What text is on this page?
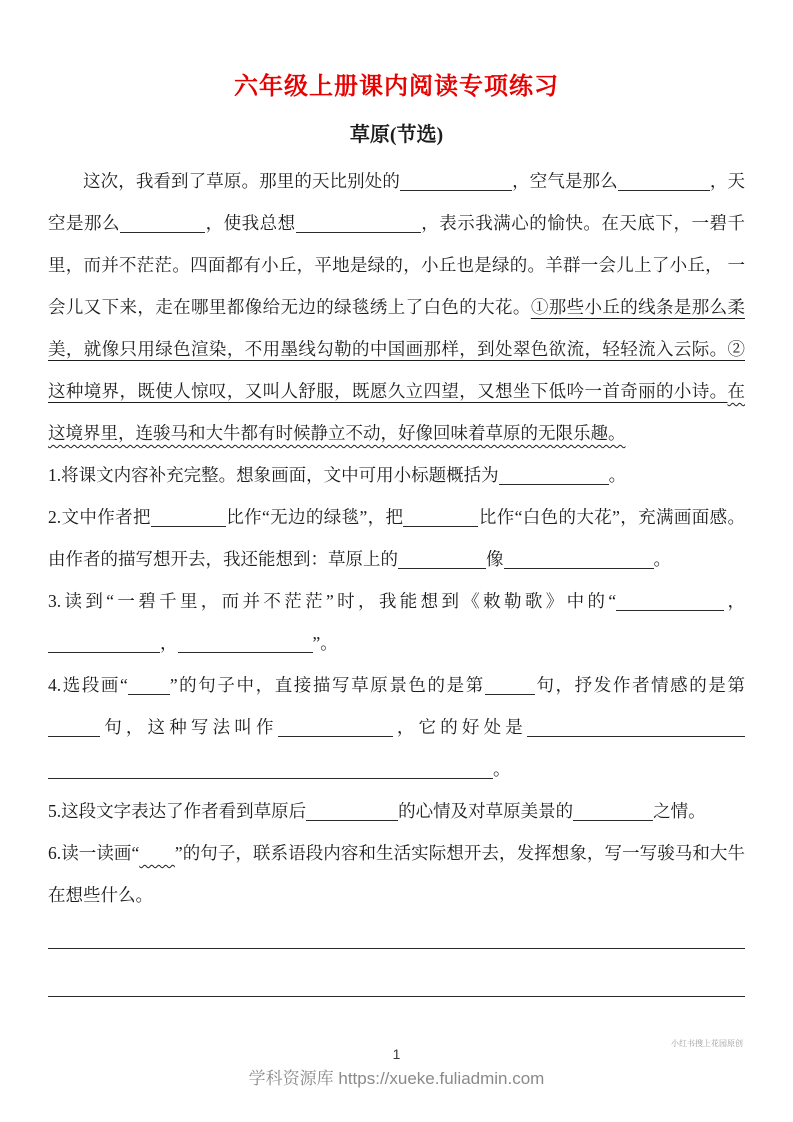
六年级上册课内阅读专项练习
草原(节选)
这次，我看到了草原。那里的天比别处的	，空气是那么	，天空是那么	，使我总想	，表示我满心的愉快。在天底下，一碧千里，而并不茫茫。四面都有小丘，平地是绿的，小丘也是绿的。羊群一会儿上了小丘， 一会儿又下来，走在哪里都像给无边的绿毯绣上了白色的大花。①那些小丘的线条是那么柔美，就像只用绿色渲染，不用墨线勾勒的中国画那样，到处翠色欲流，轻轻流入云际。②这种境界，既使人惊叹，又叫人舒服，既愿久立四望，又想坐下低吟一首奇丽的小诗。在这境界里，连骏马和大牛都有时候静立不动，好像回味着草原的无限乐趣。
1.将课文内容补充完整。想象画面，文中可用小标题概括为	。
2.文中作者把	比作“无边的绿毯”，把	比作“白色的大花”，充满画面感。由作者的描写想开去，我还能想到：草原上的	像	。
3.读到“一碧千里，而并不茫茫”时，我能想到《敕勒歌》中的“	，，	”。
4.选段画“ ”的句子中，直接描写草原景色的是第	句，抒发作者情感的是第句，这种写法叫作	，它的好处是。
5.这段文字表达了作者看到草原后	的心情及对草原美景的	之情。
6.读一读画“ ”的句子，联系语段内容和生活实际想开去，发挥想象，写一写骏马和大牛在想些什么。
小红书搜上花园原创
1
学科资源库 https://xueke.fuliadmin.com
